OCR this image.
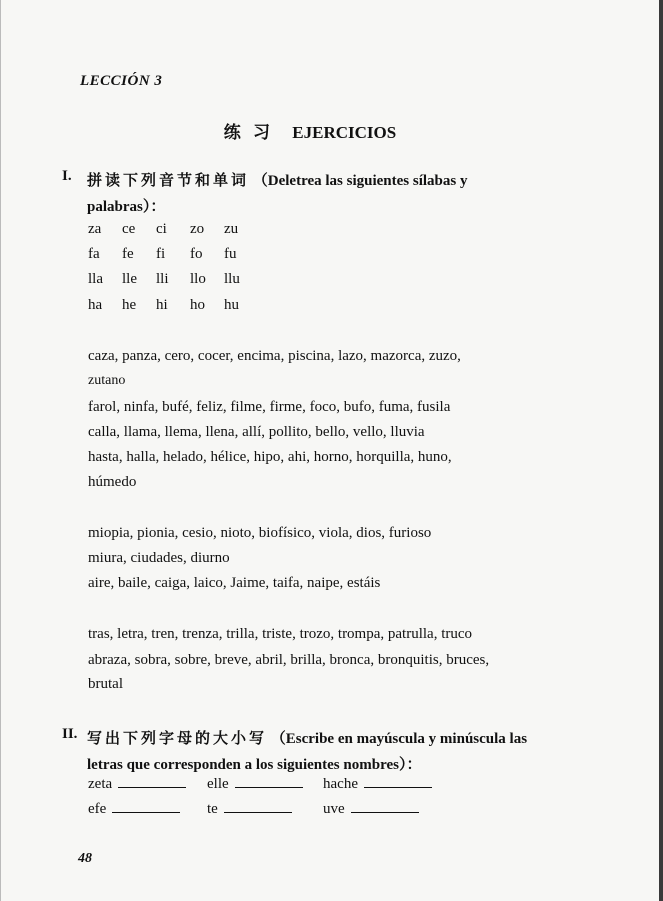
LECCIÓN 3
练 习 EJERCICIOS
I. 拼读下列音节和单词 （Deletrea las siguientes sílabas y
palabras）：
za ce ci zo zu
fa fe fi fo fu
lla lle lli llo llu
ha he hi ho hu
caza, panza, cero, cocer, encima, piscina, lazo, mazorca, zuzo,
zutano
farol, ninfa, bufé, feliz, filme, firme, foco, bufo, fuma, fusila
calla, llama, llema, llena, allí, pollito, bello, vello, lluvia
hasta, halla, helado, hélice, hipo, ahi, horno, horquilla, huno,
húmedo
miopia, pionia, cesio, nioto, biofísico, viola, dios, furioso
miura, ciudades, diurno
aire, baile, caiga, laico, Jaime, taifa, naipe, estáis
tras, letra, tren, trenza, trilla, triste, trozo, trompa, patrulla, truco
abraza, sobra, sobre, breve, abril, brilla, bronca, bronquitis, bruces,
brutal
II. 写出下列字母的大小写 （Escribe en mayúscula y minúscula las
letras que corresponden a los siguientes nombres）：
zeta	elle	hache
efe	te	uve
48
